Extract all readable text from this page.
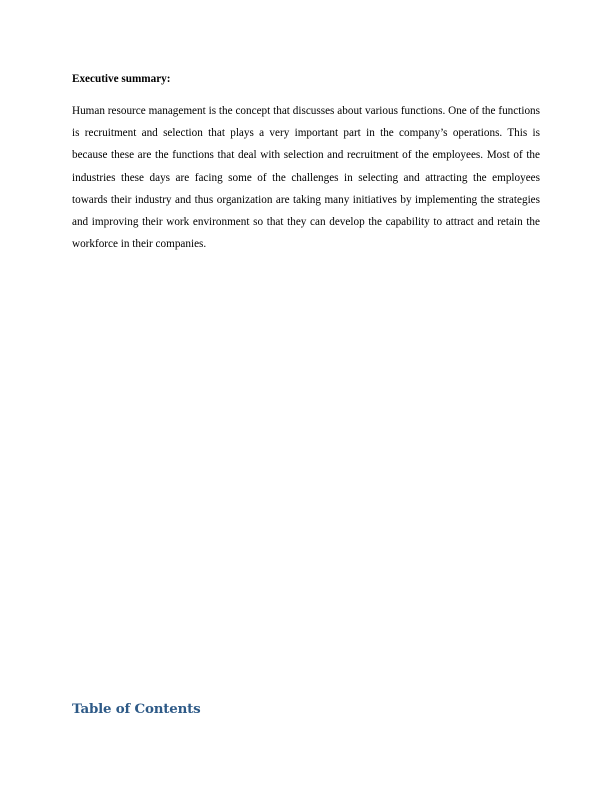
Executive summary:

Human resource management is the concept that discusses about various functions. One of the functions is recruitment and selection that plays a very important part in the company’s operations. This is because these are the functions that deal with selection and recruitment of the employees. Most of the industries these days are facing some of the challenges in selecting and attracting the employees towards their industry and thus organization are taking many initiatives by implementing the strategies and improving their work environment so that they can develop the capability to attract and retain the workforce in their companies.

Table of Contents
